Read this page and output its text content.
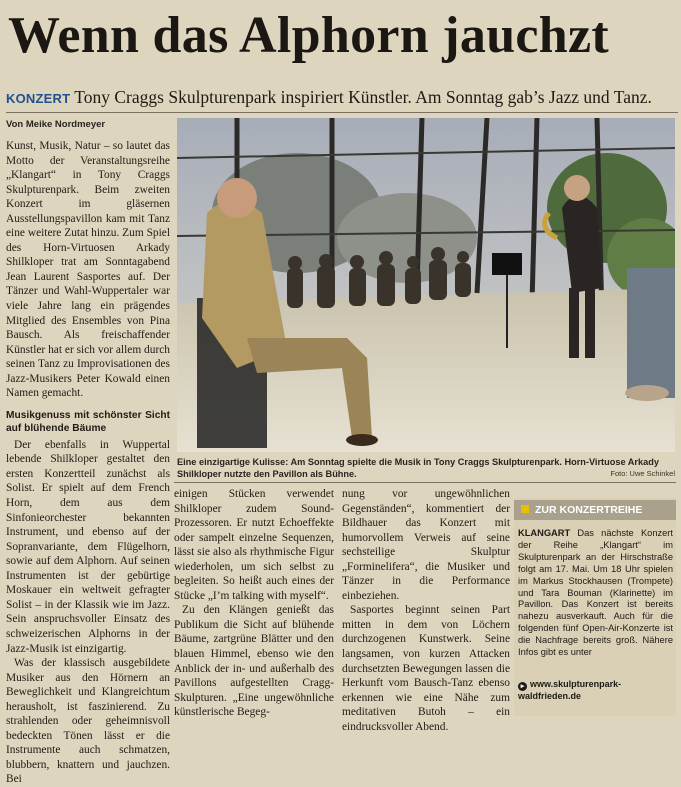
Wenn das Alphorn jauchzt
KONZERT Tony Craggs Skulpturenpark inspiriert Künstler. Am Sonntag gab’s Jazz und Tanz.
Von Meike Nordmeyer
Kunst, Musik, Natur – so lautet das Motto der Veranstaltungsreihe „Klangart“ in Tony Craggs Skulpturenpark. Beim zweiten Konzert im gläsernen Ausstellungspavillon kam mit Tanz eine weitere Zutat hinzu. Zum Spiel des Horn-Virtuosen Arkady Shilkloper trat am Sonntagabend Jean Laurent Sasportes auf. Der Tänzer und Wahl-Wuppertaler war viele Jahre lang ein prägendes Mitglied des Ensembles von Pina Bausch. Als freischaffender Künstler hat er sich vor allem durch seinen Tanz zu Improvisationen des Jazz-Musikers Peter Kowald einen Namen gemacht.
Musikgenuss mit schönster Sicht auf blühende Bäume
Der ebenfalls in Wuppertal lebende Shilkloper gestaltet den ersten Konzertteil zunächst als Solist. Er spielt auf dem French Horn, dem aus dem Sinfonieorchester bekannten Instrument, und ebenso auf der Sopranvariante, dem Flügelhorn, sowie auf dem Alphorn. Auf seinen Instrumenten ist der gebürtige Moskauer ein weltweit gefragter Solist – in der Klassik wie im Jazz. Sein anspruchsvoller Einsatz des schweizerischen Alphorns in der Jazz-Musik ist einzigartig.
Was der klassisch ausgebildete Musiker aus den Hörnern an Beweglichkeit und Klangreichtum herausholt, ist faszinierend. Zu strahlenden oder geheimnisvoll bedeckten Tönen lässt er die Instrumente auch schmatzen, blubbern, knattern und jauchzen. Bei
Eine einzigartige Kulisse: Am Sonntag spielte die Musik in Tony Craggs Skulpturenpark. Horn-Virtuose Arkady Shilkloper nutzte den Pavillon als Bühne.	Foto: Uwe Schinkel
einigen Stücken verwendet Shilkloper zudem Sound-Prozessoren. Er nutzt Echoeffekte oder sampelt einzelne Sequenzen, lässt sie also als rhythmische Figur wiederholen, um sich selbst zu begleiten. So heißt auch eines der Stücke „I’m talking with myself“.
Zu den Klängen genießt das Publikum die Sicht auf blühende Bäume, zartgrüne Blätter und den blauen Himmel, ebenso wie den Anblick der in- und außerhalb des Pavillons aufgestellten Cragg-Skulpturen. „Eine ungewöhnliche künstlerische Begeg-
nung vor ungewöhnlichen Gegenständen“, kommentiert der Bildhauer das Konzert mit humorvollem Verweis auf seine sechsteilige Skulptur „Forminelifera“, die Musiker und Tänzer in die Performance einbeziehen.
Sasportes beginnt seinen Part mitten in dem von Löchern durchzogenen Kunstwerk. Seine langsamen, von kurzen Attacken durchsetzten Bewegungen lassen die Herkunft vom Bausch-Tanz ebenso erkennen wie eine Nähe zum meditativen Butoh – ein eindrucksvoller Abend.
ZUR KONZERTREIHE
KLANGART Das nächste Konzert der Reihe „Klangart“ im Skulpturenpark an der Hirschstraße folgt am 17. Mai. Um 18 Uhr spielen im Markus Stockhausen (Trompete) und Tara Bouman (Klarinette) im Pavillon. Das Konzert ist bereits nahezu ausverkauft. Auch für die folgenden fünf Open-Air-Konzerte ist die Nachfrage bereits groß. Nähere Infos gibt es unter
▸ www.skulpturenpark-waldfrieden.de
